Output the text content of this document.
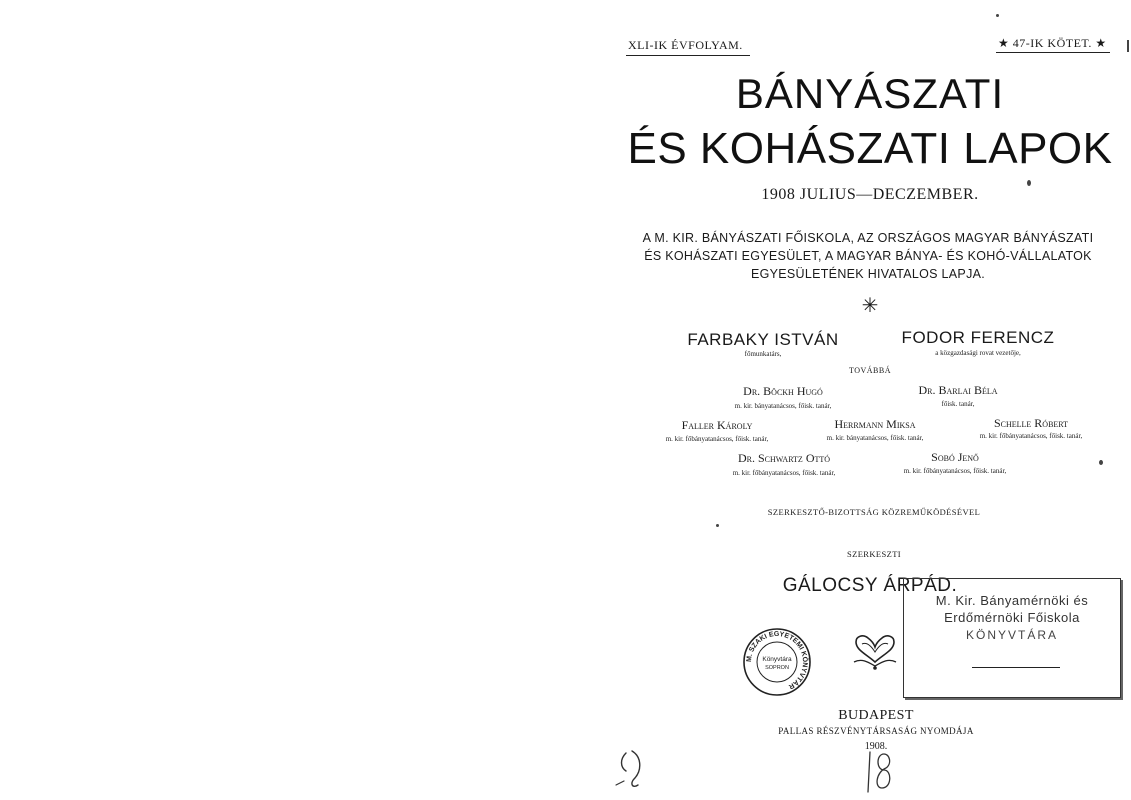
XLI-IK ÉVFOLYAM.	★ 47-IK KÖTET. ★
BÁNYÁSZATI
ÉS KOHÁSZATI LAPOK
1908 JULIUS—DECZEMBER.
A M. KIR. BÁNYÁSZATI FŐISKOLA, AZ ORSZÁGOS MAGYAR BÁNYÁSZATI
ÉS KOHÁSZATI EGYESÜLET, A MAGYAR BÁNYA- ÉS KOHÓ-VÁLLALATOK
EGYESÜLETÉNEK HIVATALOS LAPJA.
✳
FARBAKY ISTVÁN
főmunkatárs,
FODOR FERENCZ
a közgazdasági rovat vezetője,
TOVÁBBÁ
Dr. Böckh Hugó
m. kir. bányatanácsos, főisk. tanár,
Dr. Barlai Béla
főisk. tanár,
Faller Károly
m. kir. főbányatanácsos, főisk. tanár,
Herrmann Miksa
m. kir. bányatanácsos, főisk. tanár,
Schelle Róbert
m. kir. főbányatanácsos, főisk. tanár,
Dr. Schwartz Ottó
m. kir. főbányatanácsos, főisk. tanár,
Sobó Jenő
m. kir. főbányatanácsos, főisk. tanár,
SZERKESZTŐ-BIZOTTSÁG KÖZREMŰKÖDÉSÉVEL
SZERKESZTI
GÁLOCSY ÁRPÁD.
M. Kir. Bányamérnöki és
Erdőmérnöki Főiskola
KÖNYVTÁRA
M. SZAKI EGYETEMI KÖNYVTÁR
Könyvtára
SOPRON
BUDAPEST
PALLAS RÉSZVÉNYTÁRSASÁG NYOMDÁJA
1908.
